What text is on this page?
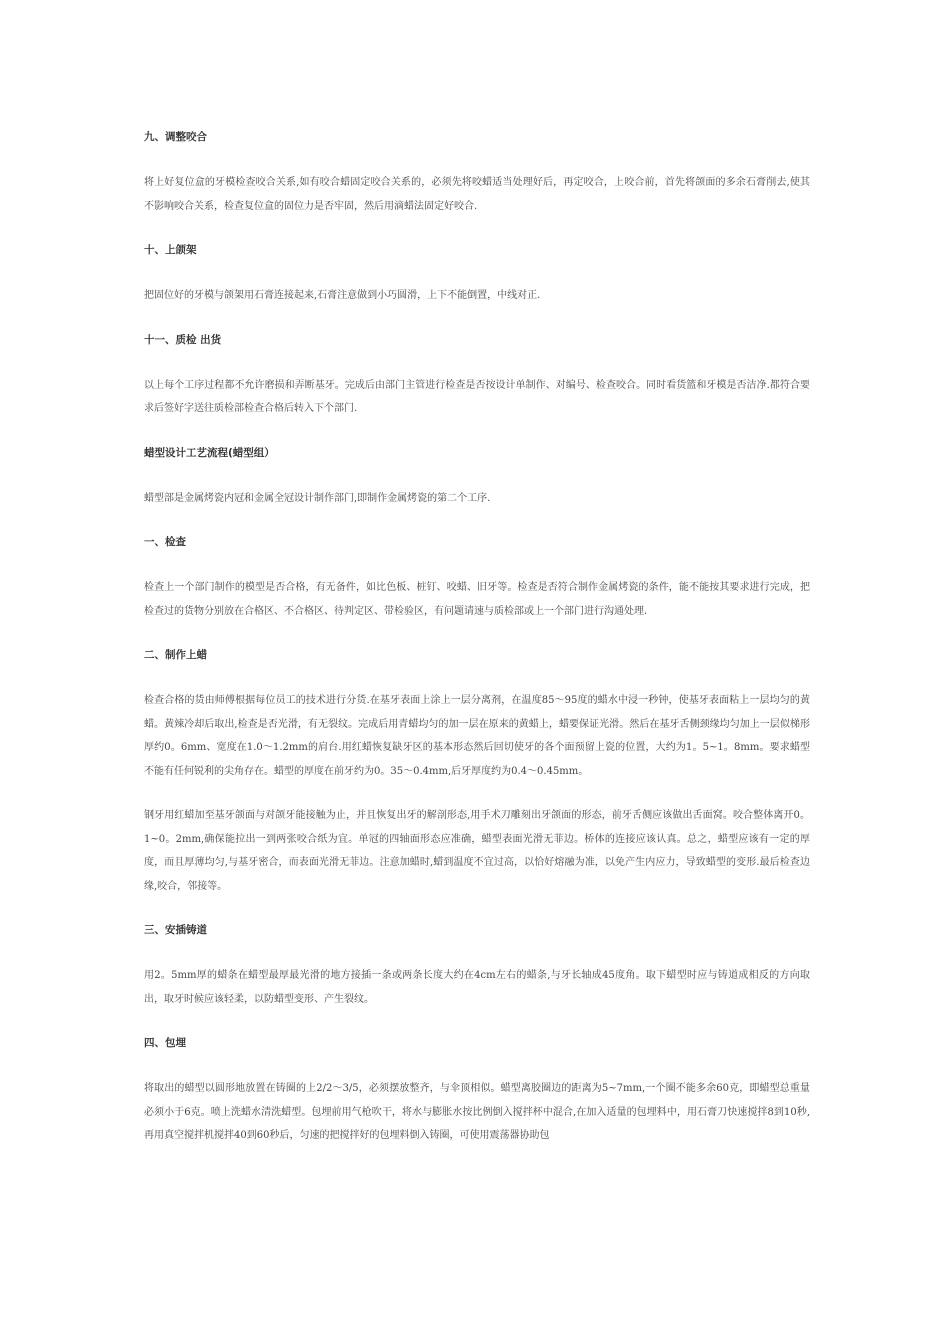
九、调整咬合

将上好复位盒的牙模检查咬合关系,如有咬合蜡固定咬合关系的，必须先将咬蜡适当处理好后，再定咬合，上咬合前，首先将颌面的多余石膏削去,使其不影响咬合关系，检查复位盒的固位力是否牢固，然后用滴蜡法固定好咬合.

十、上颌架

把固位好的牙模与颌架用石膏连接起来,石膏注意做到小巧圆滑，上下不能倒置，中线对正.

十一、质检 出货

以上每个工序过程都不允许磨损和弄断基牙。完成后由部门主管进行检查是否按设计单制作、对编号、检查咬合。同时看货篮和牙模是否洁净.都符合要求后签好字送往质检部检查合格后转入下个部门.

蜡型设计工艺流程(蜡型组）

蜡型部是金属烤瓷内冠和金属全冠设计制作部门,即制作金属烤瓷的第二个工序.

一、检查

检查上一个部门制作的模型是否合格，有无备件，如比色板、桩钉、咬蜡、旧牙等。检查是否符合制作金属烤瓷的条件，能不能按其要求进行完成，把检查过的货物分别放在合格区、不合格区、待判定区、带检验区，有问题请速与质检部或上一个部门进行沟通处理.

二、制作上蜡

检查合格的货由师傅根据每位员工的技术进行分货.在基牙表面上涂上一层分离剂，在温度85～95度的蜡水中浸一秒钟，使基牙表面粘上一层均匀的黄蜡。黄辣冷却后取出,检查是否光滑，有无裂纹。完成后用青蜡均匀的加一层在原来的黄蜡上，蜡要保证光滑。然后在基牙舌侧颈缘均匀加上一层似梯形厚约0。6mm、宽度在1.0～1.2mm的肩台.用红蜡恢复缺牙区的基本形态然后回切使牙的各个面预留上瓷的位置，大约为1。5~1。8mm。要求蜡型不能有任何锐利的尖角存在。蜡型的厚度在前牙约为0。35～0.4mm,后牙厚度约为0.4～0.45mm。

钢牙用红蜡加至基牙颌面与对颌牙能接触为止，并且恢复出牙的解剖形态,用手术刀雕刻出牙颌面的形态，前牙舌侧应该做出舌面窝。咬合整体离开0。1~0。2mm,确保能拉出一到两张咬合纸为宜。单冠的四轴面形态应准确，蜡型表面光滑无菲边。桥体的连接应该认真。总之，蜡型应该有一定的厚度，而且厚薄均匀,与基牙密合，而表面光滑无菲边。注意加蜡时,蜡到温度不宜过高，以恰好熔融为准，以免产生内应力，导致蜡型的变形.最后检查边缘,咬合，邻接等。

三、安插铸道

用2。5mm厚的蜡条在蜡型最厚最光滑的地方接插一条或两条长度大约在4cm左右的蜡条,与牙长轴成45度角。取下蜡型时应与铸道成相反的方向取出，取牙时候应该轻柔，以防蜡型变形、产生裂纹。

四、包埋

将取出的蜡型以圆形地放置在铸圈的上2/2～3/5，必须摆放整齐，与伞顶相似。蜡型离胶圈边的距离为5~7mm,一个圈不能多余60克，即蜡型总重量必须小于6克。喷上洗蜡水清洗蜡型。包埋前用气枪吹干，将水与膨胀水按比例倒入搅拌杯中混合,在加入适量的包埋料中，用石膏刀快速搅拌8到10秒,再用真空搅拌机搅拌40到60秒后，匀速的把搅拌好的包埋料倒入铸圈，可使用震荡器协助包
